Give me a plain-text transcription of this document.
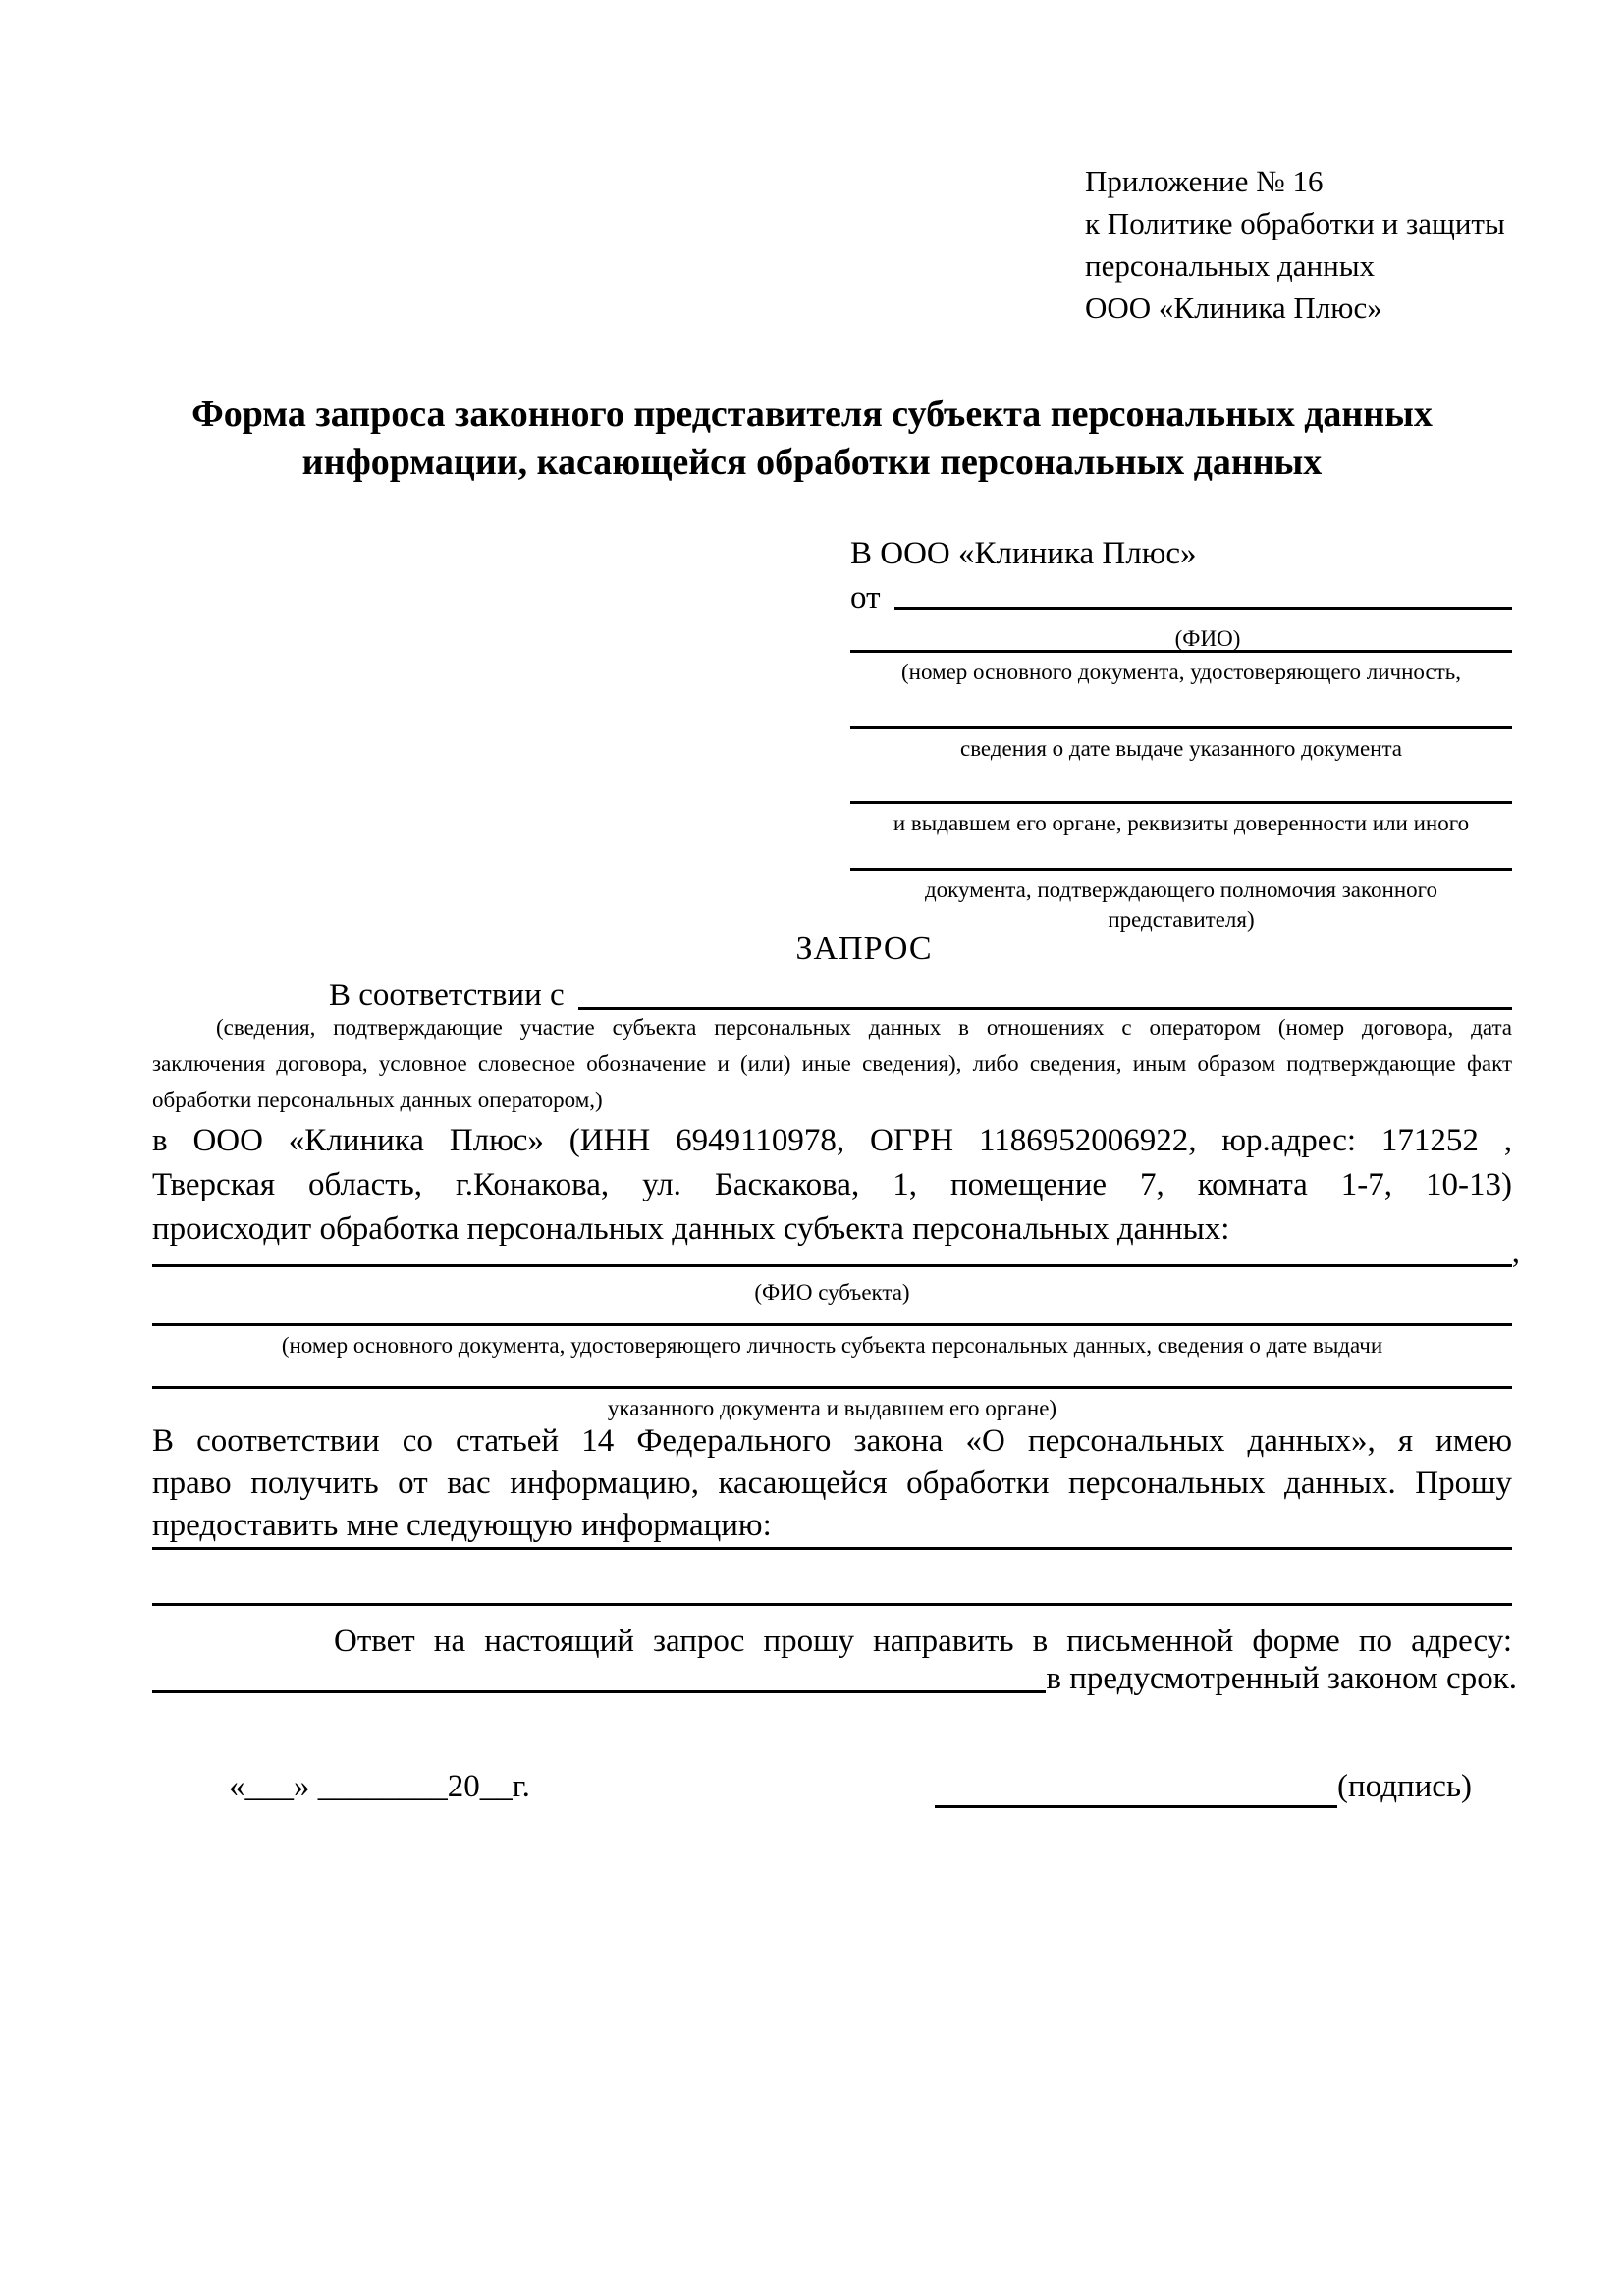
Приложение № 16
к Политике обработки и защиты
персональных данных
ООО «Клиника Плюс»
Форма запроса законного представителя субъекта персональных данных
информации, касающейся обработки персональных данных
В ООО «Клиника Плюс»
от
(ФИО)
(номер основного документа, удостоверяющего личность,
сведения о дате выдаче указанного документа
и выдавшем его органе, реквизиты доверенности или иного
документа, подтверждающего полномочия законного представителя)
ЗАПРОС
В соответствии с
(сведения, подтверждающие участие субъекта персональных данных в отношениях с оператором (номер договора, дата
заключения договора, условное словесное обозначение и (или) иные сведения), либо сведения, иным образом подтверждающие факт
обработки персональных данных оператором,)
в ООО «Клиника Плюс» (ИНН 6949110978, ОГРН 1186952006922, юр.адрес: 171252 ,
Тверская область, г.Конакова, ул. Баскакова, 1, помещение 7, комната 1-7, 10-13)
происходит обработка персональных данных субъекта персональных данных:
,
(ФИО субъекта)
(номер основного документа, удостоверяющего личность субъекта персональных данных, сведения о дате выдачи
указанного документа и выдавшем его органе)
В соответствии со статьей 14 Федерального закона «О персональных данных», я имею
право получить от вас информацию, касающейся обработки персональных данных. Прошу
предоставить мне следующую информацию:
Ответ на настоящий запрос прошу направить в письменной форме по адресу:
в предусмотренный законом срок.
«___» ________20__г.	(подпись)
